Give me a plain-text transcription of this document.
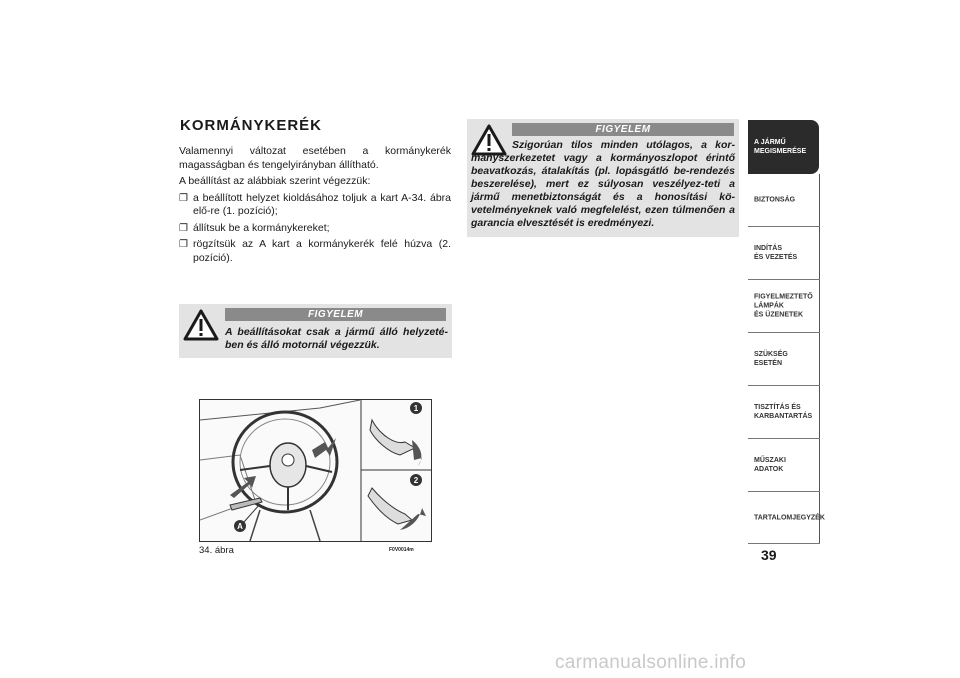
KORMÁNYKERÉK

Valamennyi változat esetében a kormánykerék magasságban és tengelyirányban állítható.

A beállítást az alábbiak szerint végezzük:

❐ a beállított helyzet kioldásához toljuk a kart A-34. ábra elő-re (1. pozíció);
❐ állítsuk be a kormánykereket;
❐ rögzítsük az A kart a kormánykerék felé húzva (2. pozíció).
FIGYELEM
A beállításokat csak a jármű álló helyzeté-ben és álló motornál végezzük.
FIGYELEM
Szigorúan tilos minden utólagos, a kor-mányszerkezetet vagy a kormányoszlopot érintő beavatkozás, átalakítás (pl. lopásgátló be-rendezés beszerelése), mert ez súlyosan veszélyez-teti a jármű menetbiztonságát és a honosítási kö-vetelményeknek való megfelelést, ezen túlmenően a garancia elvesztését is eredményezi.
A
1
2
34. ábra	F0V0014m
A JÁRMŰ
MEGISMERÉSE
BIZTONSÁG
INDÍTÁS
ÉS VEZETÉS
FIGYELMEZTETŐ
LÁMPÁK
ÉS ÜZENETEK
SZÜKSÉG
ESETÉN
TISZTÍTÁS ÉS
KARBANTARTÁS
MŰSZAKI
ADATOK
TARTALOMJEGYZÉK
39
carmanualsonline.info
